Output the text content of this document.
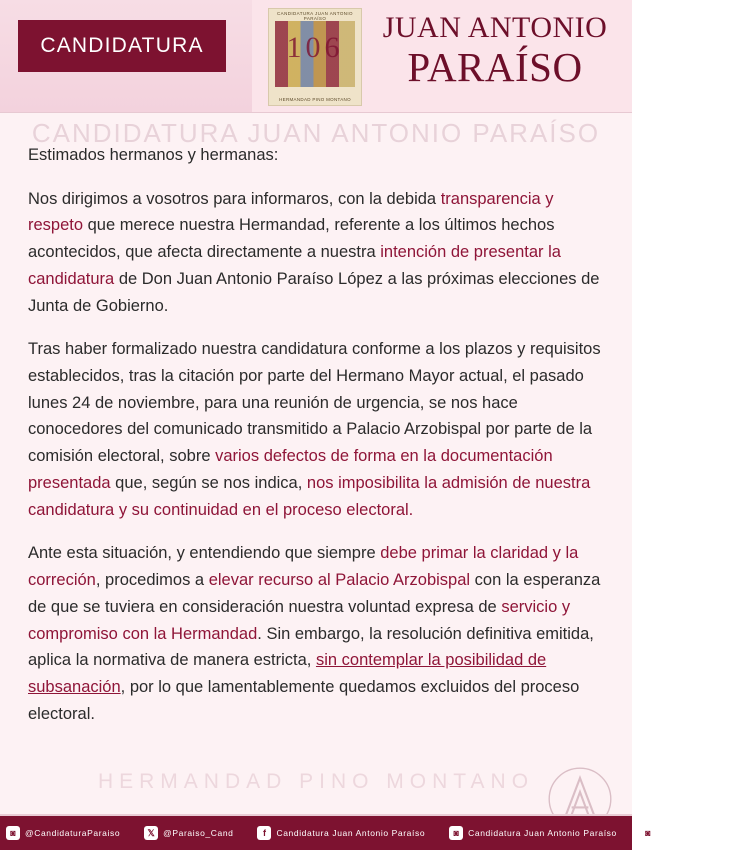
CANDIDATURA
CANDIDATURA JUAN ANTONIO PARAÍSO
106
HERMANDAD PINO MONTANO
JUAN ANTONIO
PARAÍSO
CANDIDATURA JUAN ANTONIO PARAÍSO
HERMANDAD PINO MONTANO

Estimados hermanos y hermanas:

Nos dirigimos a vosotros para informaros, con la debida transparencia y respeto que merece nuestra Hermandad, referente a los últimos hechos acontecidos, que afecta directamente a nuestra intención de presentar la candidatura de Don Juan Antonio Paraíso López a las próximas elecciones de Junta de Gobierno.

Tras haber formalizado nuestra candidatura conforme a los plazos y requisitos establecidos, tras la citación por parte del Hermano Mayor actual, el pasado lunes 24 de noviembre, para una reunión de urgencia, se nos hace conocedores del comunicado transmitido a Palacio Arzobispal por parte de la comisión electoral, sobre varios defectos de forma en la documentación presentada que, según se nos indica, nos imposibilita la admisión de nuestra candidatura y su continuidad en el proceso electoral.

Ante esta situación, y entendiendo que siempre debe primar la claridad y la correción, procedimos a elevar recurso al Palacio Arzobispal con la esperanza de que se tuviera en consideración nuestra voluntad expresa de servicio y compromiso con la Hermandad. Sin embargo, la resolución definitiva emitida, aplica la normativa de manera estricta, sin contemplar la posibilidad de subsanación, por lo que lamentablemente quedamos excluidos del proceso electoral.

◙	@CandidaturaParaiso	𝕏 @Paraiso_Cand	f	Candidatura Juan Antonio Paraíso	◙	Candidatura Juan Antonio Paraíso	◙	@CandidaturaParaiso
